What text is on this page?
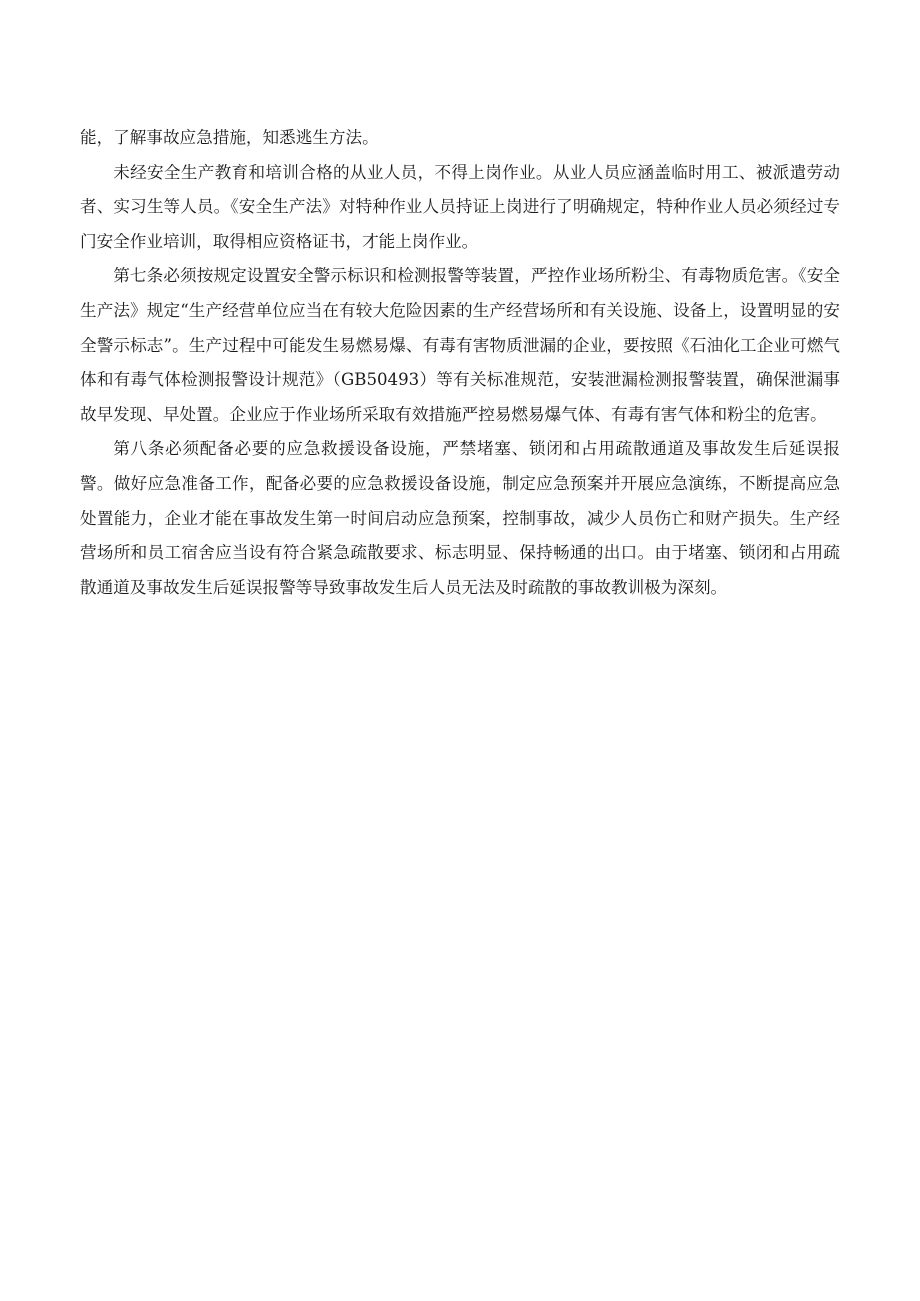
能，了解事故应急措施，知悉逃生方法。

未经安全生产教育和培训合格的从业人员，不得上岗作业。从业人员应涵盖临时用工、被派遣劳动者、实习生等人员。《安全生产法》对特种作业人员持证上岗进行了明确规定，特种作业人员必须经过专门安全作业培训，取得相应资格证书，才能上岗作业。

第七条必须按规定设置安全警示标识和检测报警等装置，严控作业场所粉尘、有毒物质危害。《安全生产法》规定“生产经营单位应当在有较大危险因素的生产经营场所和有关设施、设备上，设置明显的安全警示标志”。生产过程中可能发生易燃易爆、有毒有害物质泄漏的企业，要按照《石油化工企业可燃气体和有毒气体检测报警设计规范》（GB50493）等有关标准规范，安装泄漏检测报警装置，确保泄漏事故早发现、早处置。企业应于作业场所采取有效措施严控易燃易爆气体、有毒有害气体和粉尘的危害。

第八条必须配备必要的应急救援设备设施，严禁堵塞、锁闭和占用疏散通道及事故发生后延误报警。做好应急准备工作，配备必要的应急救援设备设施，制定应急预案并开展应急演练，不断提高应急处置能力，企业才能在事故发生第一时间启动应急预案，控制事故，减少人员伤亡和财产损失。生产经营场所和员工宿舍应当设有符合紧急疏散要求、标志明显、保持畅通的出口。由于堵塞、锁闭和占用疏散通道及事故发生后延误报警等导致事故发生后人员无法及时疏散的事故教训极为深刻。
